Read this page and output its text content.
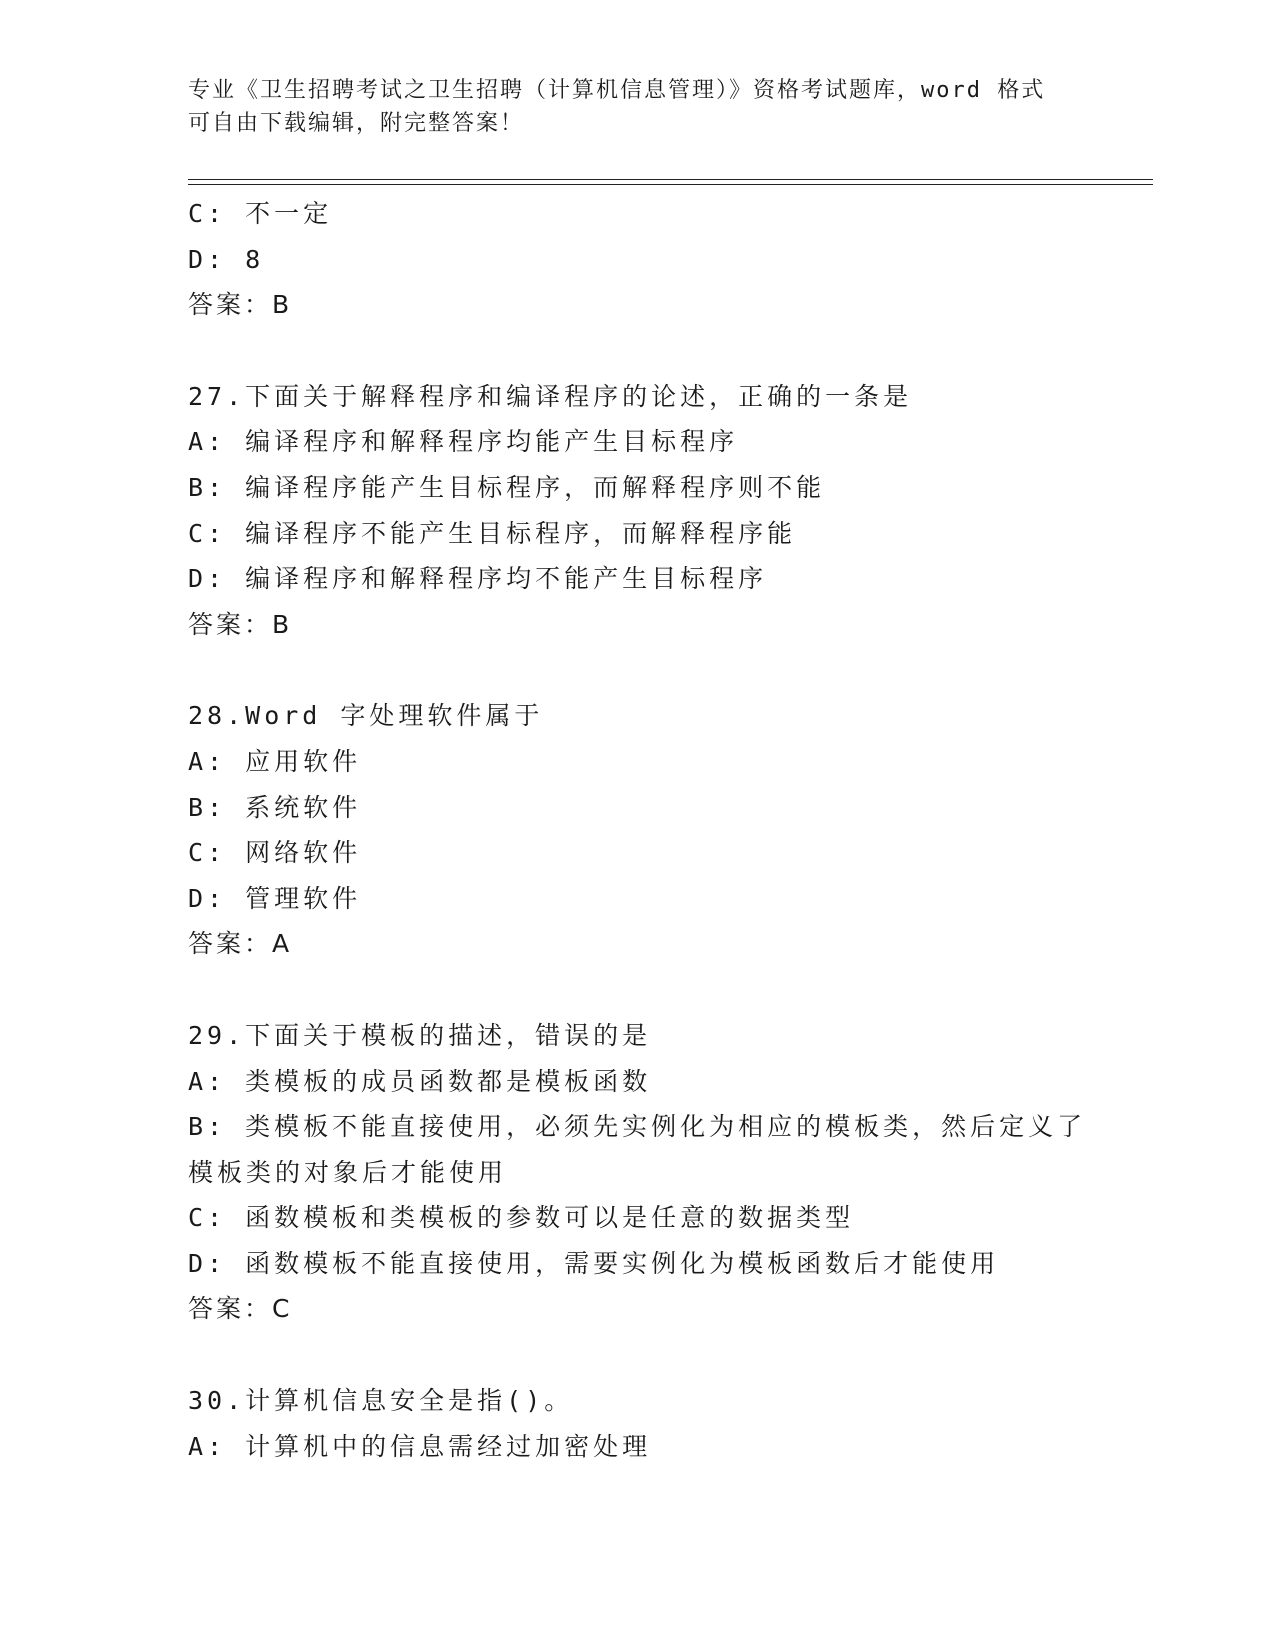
专业《卫生招聘考试之卫生招聘（计算机信息管理）》资格考试题库，word 格式
可自由下载编辑，附完整答案！
C: 不一定
D: 8
答案：B
27.下面关于解释程序和编译程序的论述，正确的一条是
A: 编译程序和解释程序均能产生目标程序
B: 编译程序能产生目标程序，而解释程序则不能
C: 编译程序不能产生目标程序，而解释程序能
D: 编译程序和解释程序均不能产生目标程序
答案：B
28.Word 字处理软件属于
A: 应用软件
B: 系统软件
C: 网络软件
D: 管理软件
答案：A
29.下面关于模板的描述，错误的是
A: 类模板的成员函数都是模板函数
B: 类模板不能直接使用，必须先实例化为相应的模板类，然后定义了
模板类的对象后才能使用
C: 函数模板和类模板的参数可以是任意的数据类型
D: 函数模板不能直接使用，需要实例化为模板函数后才能使用
答案：C
30.计算机信息安全是指()。
A: 计算机中的信息需经过加密处理
